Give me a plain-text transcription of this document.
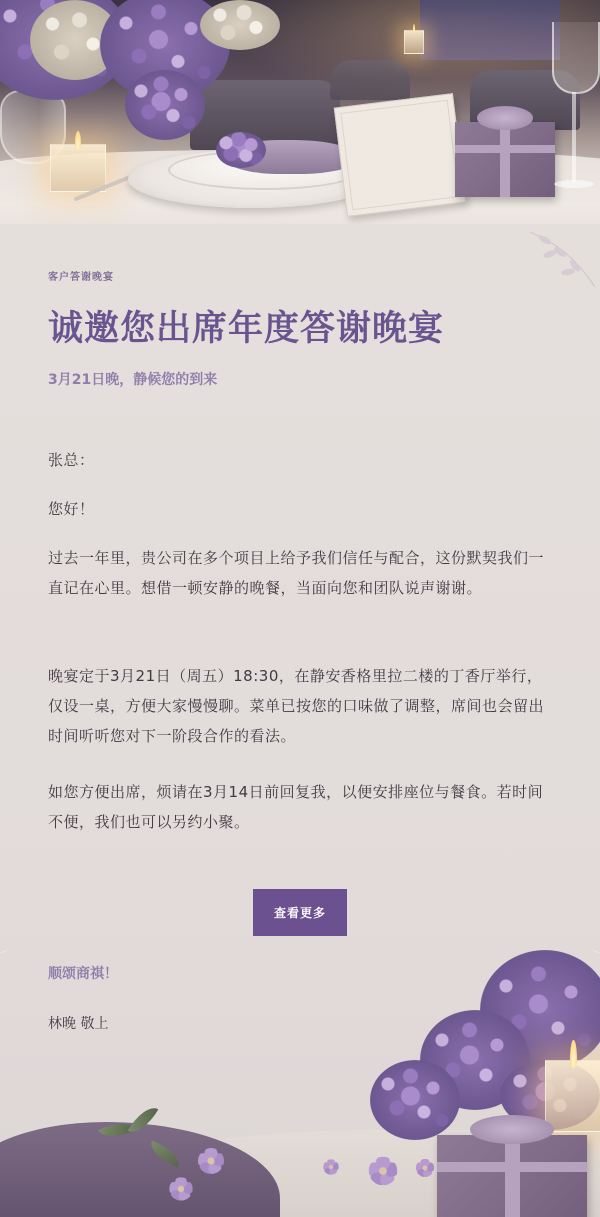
客户答谢晚宴
诚邀您出席年度答谢晚宴
3月21日晚，静候您的到来

张总：

您好！

过去一年里，贵公司在多个项目上给予我们信任与配合，这份默契我们一直记在心里。想借一顿安静的晚餐，当面向您和团队说声谢谢。

晚宴定于3月21日（周五）18:30，在静安香格里拉二楼的丁香厅举行，仅设一桌，方便大家慢慢聊。菜单已按您的口味做了调整，席间也会留出时间听听您对下一阶段合作的看法。

如您方便出席，烦请在3月14日前回复我，以便安排座位与餐食。若时间不便，我们也可以另约小聚。

查看更多
顺颂商祺！
林晚 敬上
